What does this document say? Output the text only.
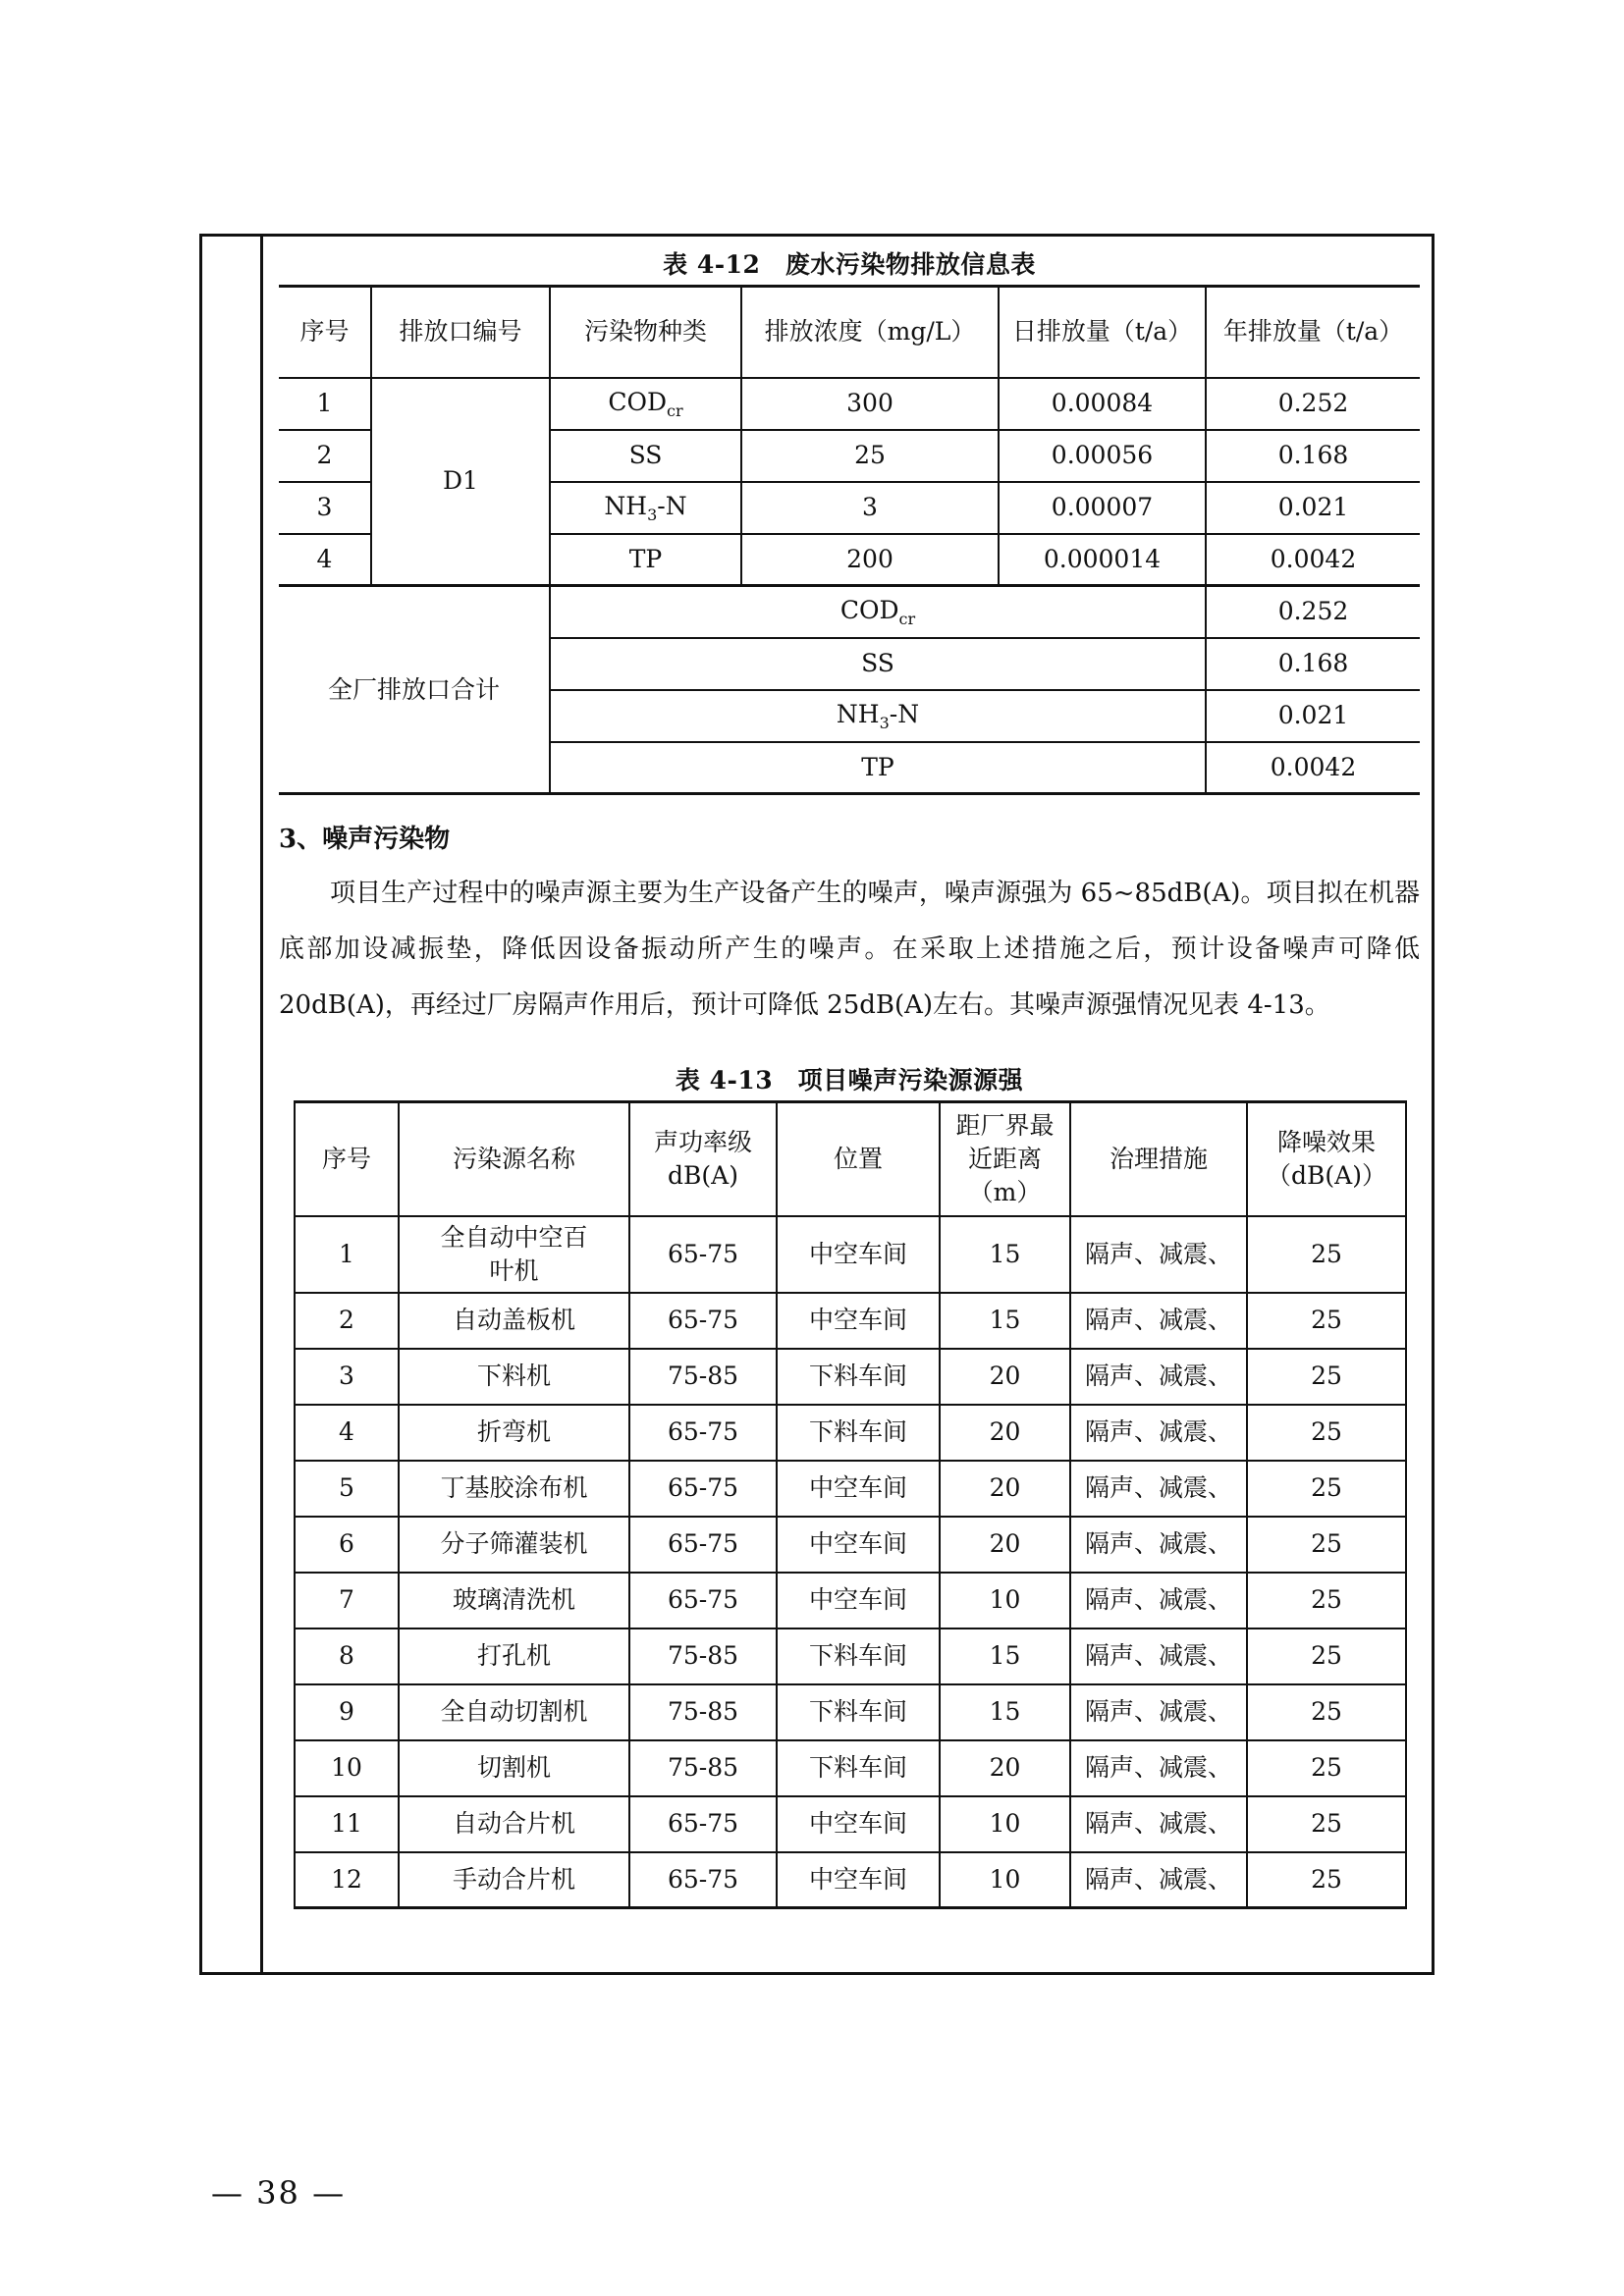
表 4-12　废水污染物排放信息表
序号	排放口编号	污染物种类	排放浓度（mg/L）	日排放量（t/a）	年排放量（t/a）
1	D1	$COD_{cr}$	300	0.00084	0.252
2		SS	25	0.00056	0.168
3		$NH_3-N$	3	0.00007	0.021
4		TP	200	0.000014	0.0042
全厂排放口合计		$COD_{cr}$			0.252
		SS			0.168
		$NH_3-N$			0.021
		TP			0.0042
3、噪声污染物

项目生产过程中的噪声源主要为生产设备产生的噪声，噪声源强为 65~85dB(A)。项目拟在机器底部加设减振垫，降低因设备振动所产生的噪声。在采取上述措施之后，预计设备噪声可降低 20dB(A)，再经过厂房隔声作用后，预计可降低 25dB(A)左右。其噪声源强情况见表 4-13。

表 4-13　项目噪声污染源源强
序号	污染源名称	声功率级dB(A)	位置	距厂界最近距离（m）	治理措施	降噪效果（dB(A)）
1	全自动中空百叶机	65-75	中空车间	15	隔声、减震、	25
2	自动盖板机	65-75	中空车间	15	隔声、减震、	25
3	下料机	75-85	下料车间	20	隔声、减震、	25
4	折弯机	65-75	下料车间	20	隔声、减震、	25
5	丁基胶涂布机	65-75	中空车间	20	隔声、减震、	25
6	分子筛灌装机	65-75	中空车间	20	隔声、减震、	25
7	玻璃清洗机	65-75	中空车间	10	隔声、减震、	25
8	打孔机	75-85	下料车间	15	隔声、减震、	25
9	全自动切割机	75-85	下料车间	15	隔声、减震、	25
10	切割机	75-85	下料车间	20	隔声、减震、	25
11	自动合片机	65-75	中空车间	10	隔声、减震、	25
12	手动合片机	65-75	中空车间	10	隔声、减震、	25
— 38 —
